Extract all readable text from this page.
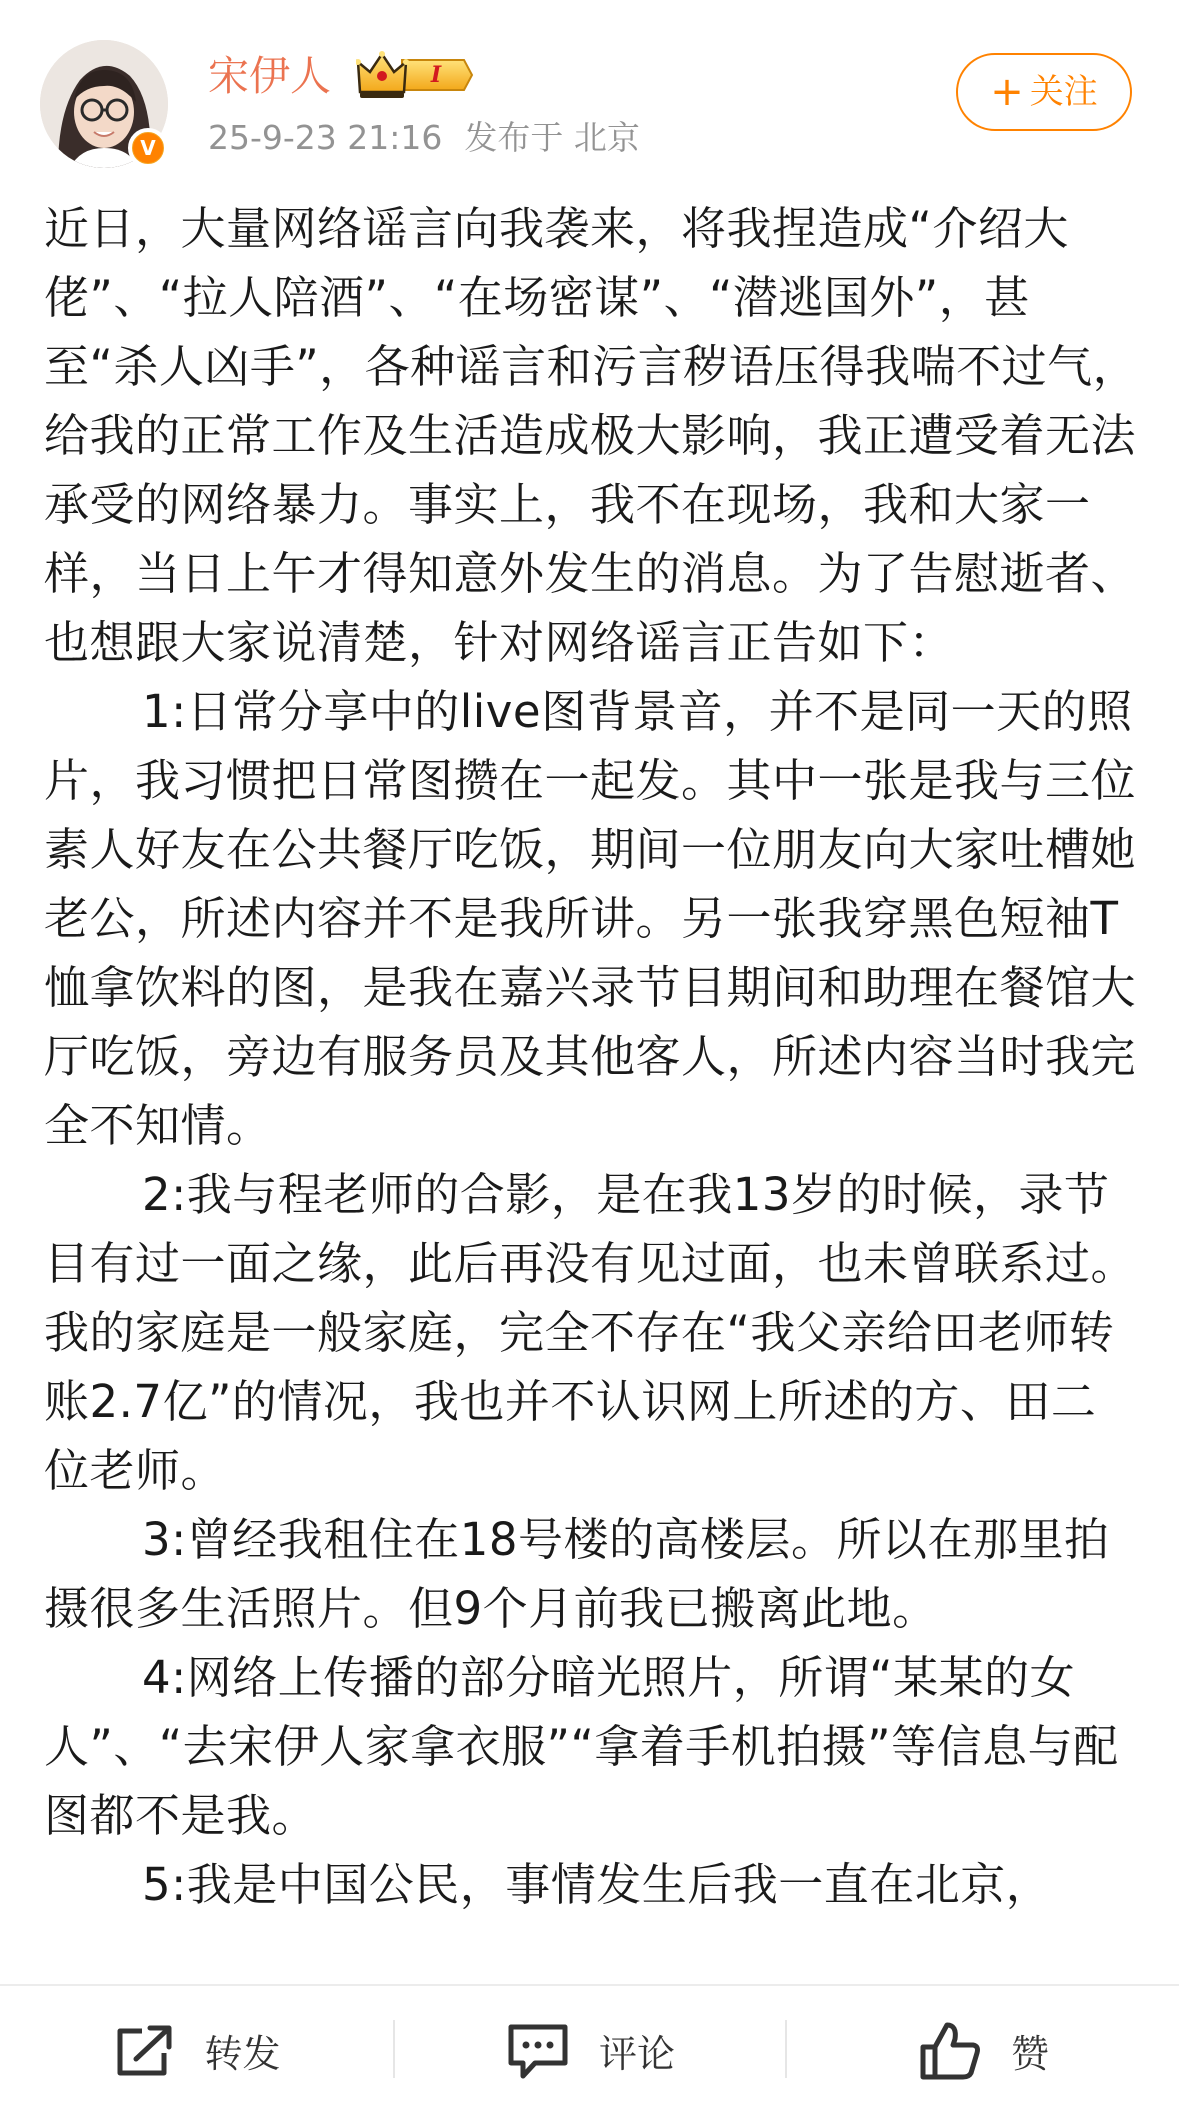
V
宋伊人	I
25-9-23 21:16 发布于 北京
+ 关注

近日，大量网络谣言向我袭来，将我捏造成“介绍大佬”、“拉人陪酒”、“在场密谋”、“潜逃国外”，甚至“杀人凶手”，各种谣言和污言秽语压得我喘不过气，给我的正常工作及生活造成极大影响，我正遭受着无法承受的网络暴力。事实上，我不在现场，我和大家一样，当日上午才得知意外发生的消息。为了告慰逝者、也想跟大家说清楚，针对网络谣言正告如下：

1:日常分享中的live图背景音，并不是同一天的照片，我习惯把日常图攒在一起发。其中一张是我与三位素人好友在公共餐厅吃饭，期间一位朋友向大家吐槽她老公，所述内容并不是我所讲。另一张我穿黑色短袖T恤拿饮料的图，是我在嘉兴录节目期间和助理在餐馆大厅吃饭，旁边有服务员及其他客人，所述内容当时我完全不知情。

2:我与程老师的合影，是在我13岁的时候，录节目有过一面之缘，此后再没有见过面，也未曾联系过。我的家庭是一般家庭，完全不存在“我父亲给田老师转账2.7亿”的情况，我也并不认识网上所述的方、田二位老师。

3:曾经我租住在18号楼的高楼层。所以在那里拍摄很多生活照片。但9个月前我已搬离此地。

4:网络上传播的部分暗光照片，所谓“某某的女人”、“去宋伊人家拿衣服”“拿着手机拍摄”等信息与配图都不是我。

5:我是中国公民，事情发生后我一直在北京，

转发	评论	赞
